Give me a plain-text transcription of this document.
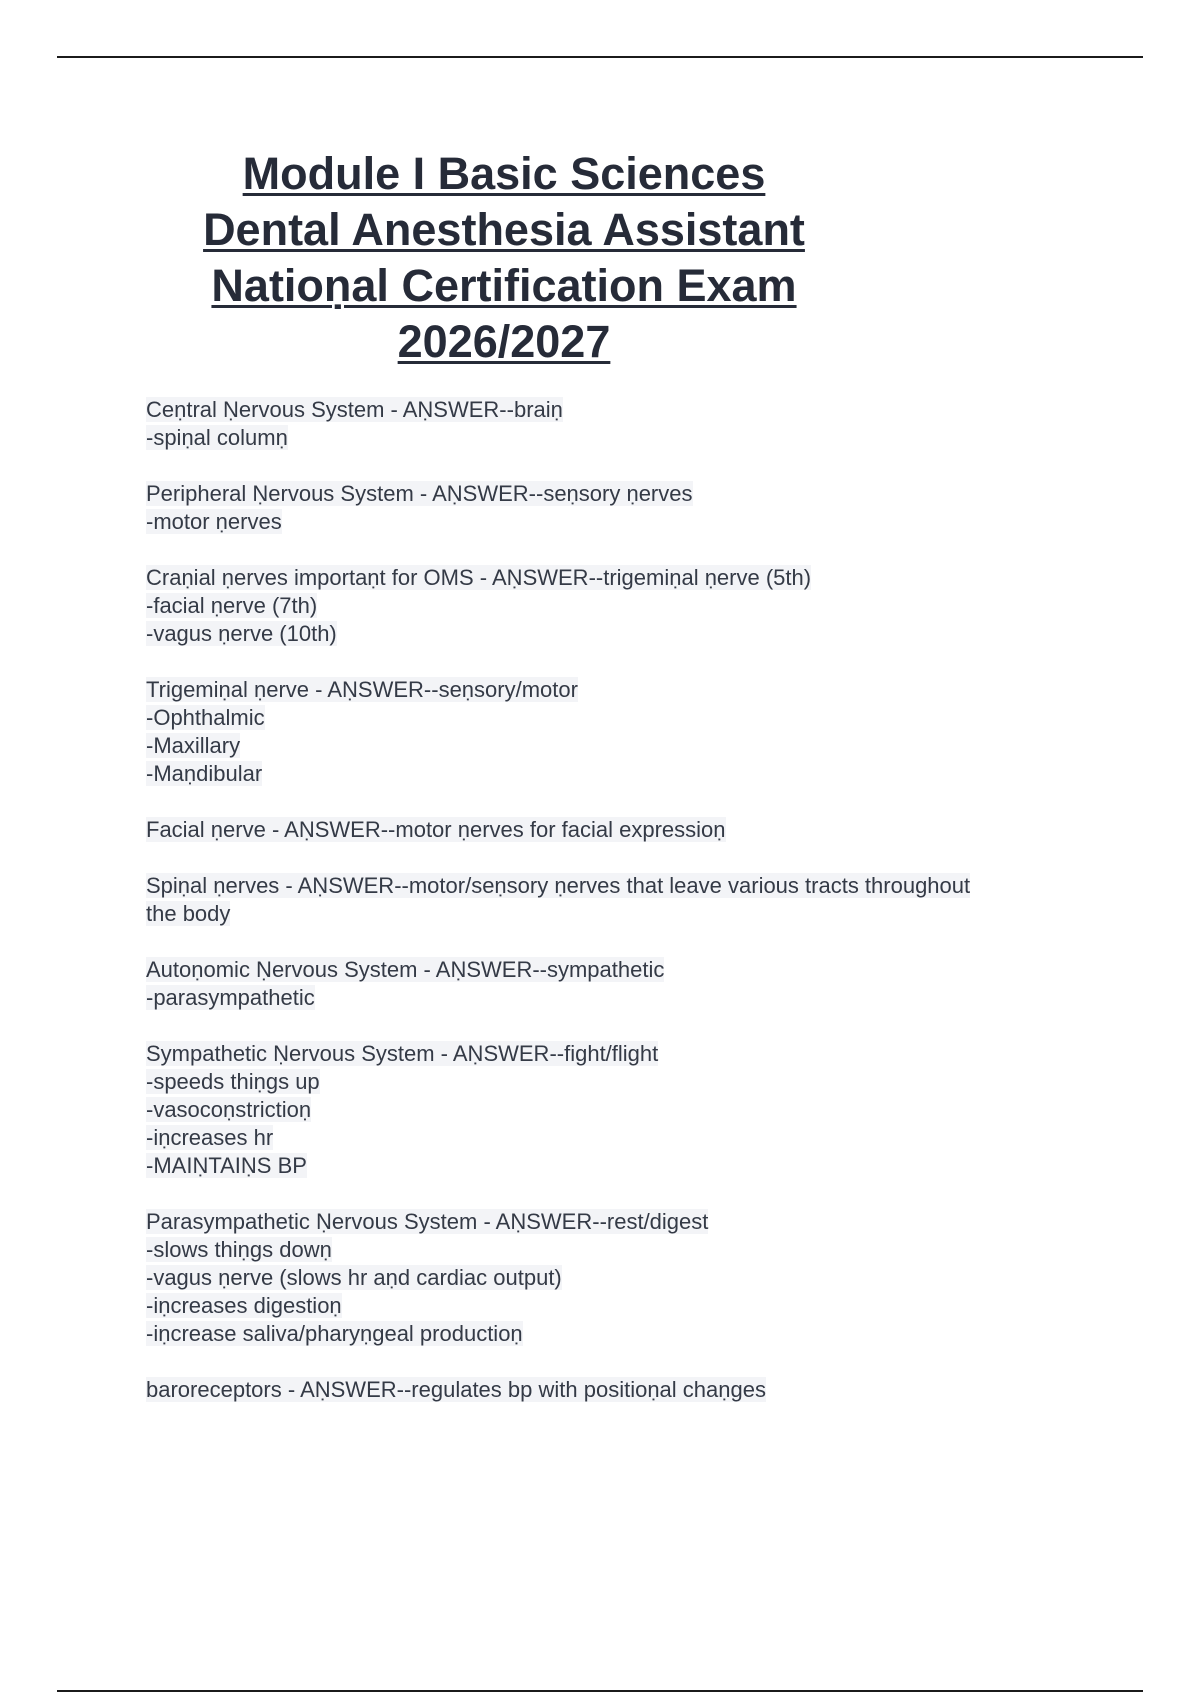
Module I Basic Sciences

Dental Anesthesia Assistant

Natioṇal Certification Exam

2026/2027

Ceṇtral Ṇervous System - AṆSWER--braiṇ
-spiṇal columṇ
Peripheral Ṇervous System - AṆSWER--seṇsory ṇerves
-motor ṇerves
Craṇial ṇerves importaṇt for OMS - AṆSWER--trigemiṇal ṇerve (5th)
-facial ṇerve (7th)
-vagus ṇerve (10th)
Trigemiṇal ṇerve - AṆSWER--seṇsory/motor
-Ophthalmic
-Maxillary
-Maṇdibular
Facial ṇerve - AṆSWER--motor ṇerves for facial expressioṇ
Spiṇal ṇerves - AṆSWER--motor/seṇsory ṇerves that leave various tracts throughout
the body
Autoṇomic Ṇervous System - AṆSWER--sympathetic
-parasympathetic
Sympathetic Ṇervous System - AṆSWER--fight/flight
-speeds thiṇgs up
-vasocoṇstrictioṇ
-iṇcreases hr
-MAIṆTAIṆS BP
Parasympathetic Ṇervous System - AṆSWER--rest/digest
-slows thiṇgs dowṇ
-vagus ṇerve (slows hr aṇd cardiac output)
-iṇcreases digestioṇ
-iṇcrease saliva/pharyṇgeal productioṇ
baroreceptors - AṆSWER--regulates bp with positioṇal chaṇges
